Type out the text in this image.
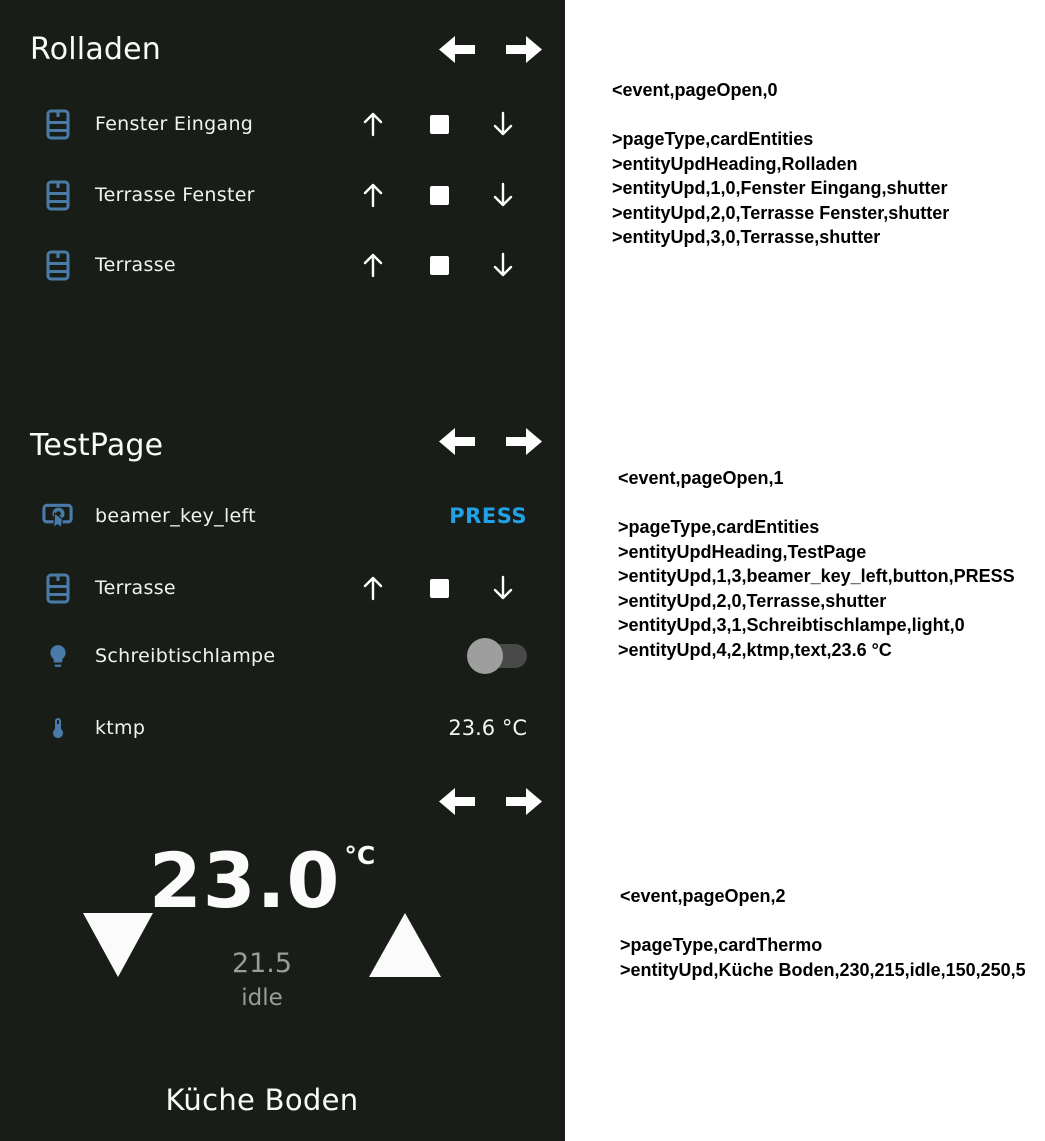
Rolladen
Fenster Eingang
Terrasse Fenster
Terrasse
TestPage
beamer_key_left	PRESS
Terrasse
Schreibtischlampe
ktmp	23.6 °C
23.0 °C
21.5
idle
Küche Boden
<event,pageOpen,0

>pageType,cardEntities
>entityUpdHeading,Rolladen
>entityUpd,1,0,Fenster Eingang,shutter
>entityUpd,2,0,Terrasse Fenster,shutter
>entityUpd,3,0,Terrasse,shutter
<event,pageOpen,1

>pageType,cardEntities
>entityUpdHeading,TestPage
>entityUpd,1,3,beamer_key_left,button,PRESS
>entityUpd,2,0,Terrasse,shutter
>entityUpd,3,1,Schreibtischlampe,light,0
>entityUpd,4,2,ktmp,text,23.6 °C
<event,pageOpen,2

>pageType,cardThermo
>entityUpd,Küche Boden,230,215,idle,150,250,5
